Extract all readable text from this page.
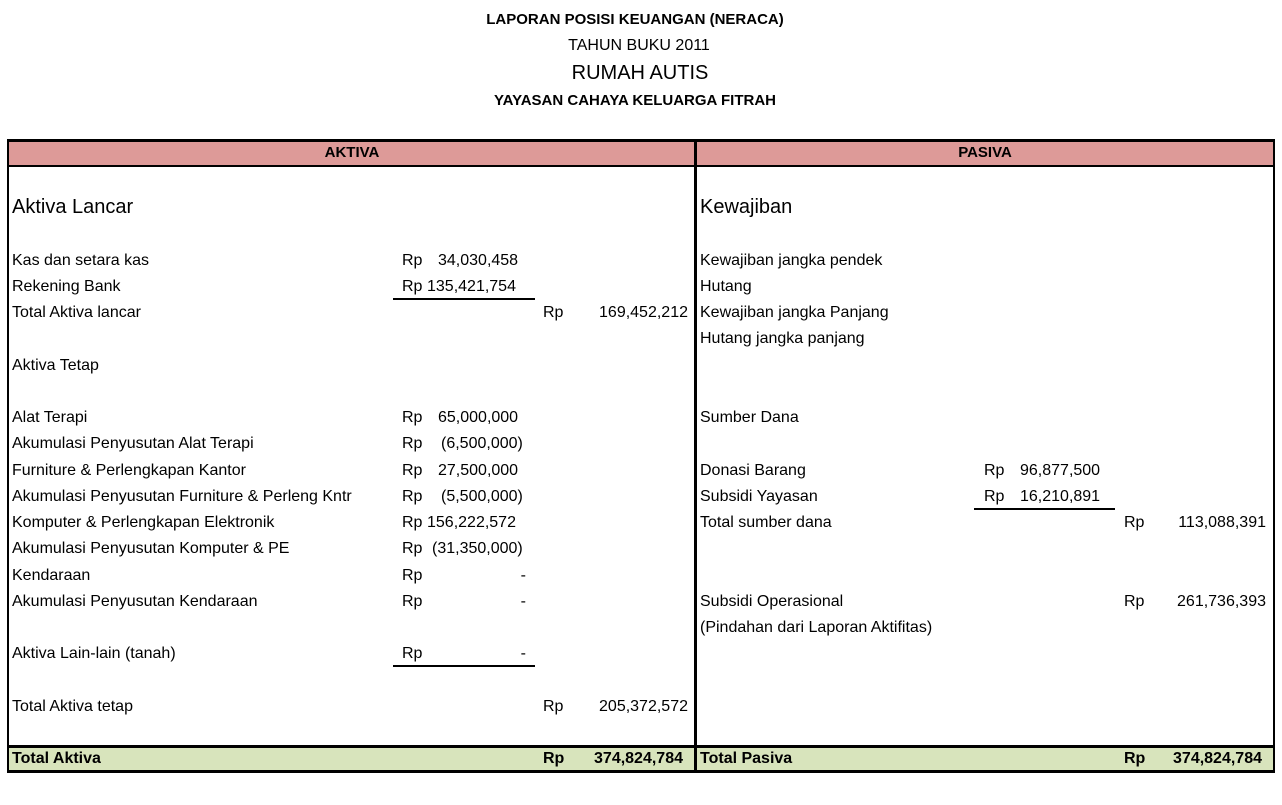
LAPORAN POSISI KEUANGAN (NERACA)
TAHUN BUKU 2011
RUMAH AUTIS
YAYASAN CAHAYA KELUARGA FITRAH
AKTIVA	PASIVA
Aktiva Lancar
Kas dan setara kas	Rp 34,030,458
Rekening Bank	Rp 135,421,754
Total Aktiva lancar	Rp	169,452,212
Aktiva Tetap
Alat Terapi	Rp 65,000,000
Akumulasi Penyusutan Alat Terapi	Rp (6,500,000)
Furniture & Perlengkapan Kantor	Rp 27,500,000
Akumulasi Penyusutan Furniture & Perleng Kntr	Rp (5,500,000)
Komputer & Perlengkapan Elektronik	Rp 156,222,572
Akumulasi Penyusutan Komputer & PE	Rp (31,350,000)
Kendaraan	Rp	-
Akumulasi Penyusutan Kendaraan	Rp	-
Aktiva Lain-lain (tanah)	Rp	-
Total Aktiva tetap	Rp	205,372,572
Total Aktiva	Rp	374,824,784
Kewajiban
Kewajiban jangka pendek
Hutang
Kewajiban jangka Panjang
Hutang jangka panjang
Sumber Dana
Donasi Barang	Rp 96,877,500
Subsidi Yayasan	Rp 16,210,891
Total sumber dana	Rp	113,088,391
Subsidi Operasional	Rp	261,736,393
(Pindahan dari Laporan Aktifitas)
Total Pasiva	Rp	374,824,784
